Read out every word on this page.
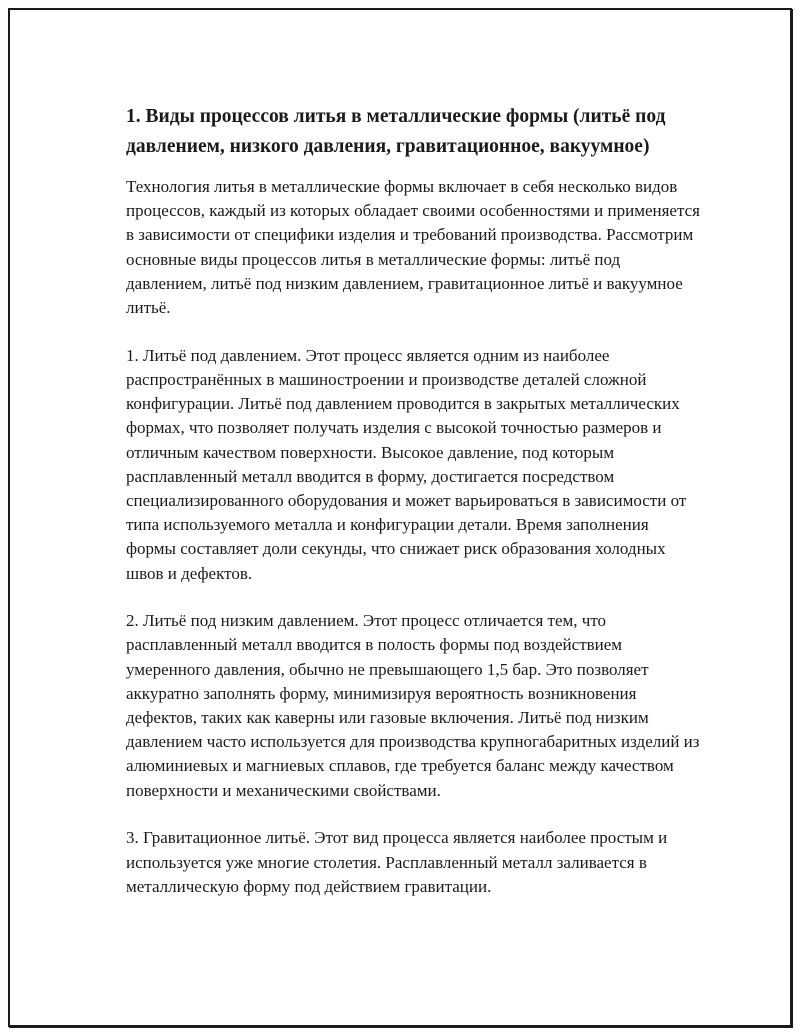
1. Виды процессов литья в металлические формы (литьё под давлением, низкого давления, гравитационное, вакуумное)

Технология литья в металлические формы включает в себя несколько видов процессов, каждый из которых обладает своими особенностями и применяется в зависимости от специфики изделия и требований производства. Рассмотрим основные виды процессов литья в металлические формы: литьё под давлением, литьё под низким давлением, гравитационное литьё и вакуумное литьё.

1. Литьё под давлением. Этот процесс является одним из наиболее распространённых в машиностроении и производстве деталей сложной конфигурации. Литьё под давлением проводится в закрытых металлических формах, что позволяет получать изделия с высокой точностью размеров и отличным качеством поверхности. Высокое давление, под которым расплавленный металл вводится в форму, достигается посредством специализированного оборудования и может варьироваться в зависимости от типа используемого металла и конфигурации детали. Время заполнения формы составляет доли секунды, что снижает риск образования холодных швов и дефектов.

2. Литьё под низким давлением. Этот процесс отличается тем, что расплавленный металл вводится в полость формы под воздействием умеренного давления, обычно не превышающего 1,5 бар. Это позволяет аккуратно заполнять форму, минимизируя вероятность возникновения дефектов, таких как каверны или газовые включения. Литьё под низким давлением часто используется для производства крупногабаритных изделий из алюминиевых и магниевых сплавов, где требуется баланс между качеством поверхности и механическими свойствами.

3. Гравитационное литьё. Этот вид процесса является наиболее простым и используется уже многие столетия. Расплавленный металл заливается в металлическую форму под действием гравитации.
